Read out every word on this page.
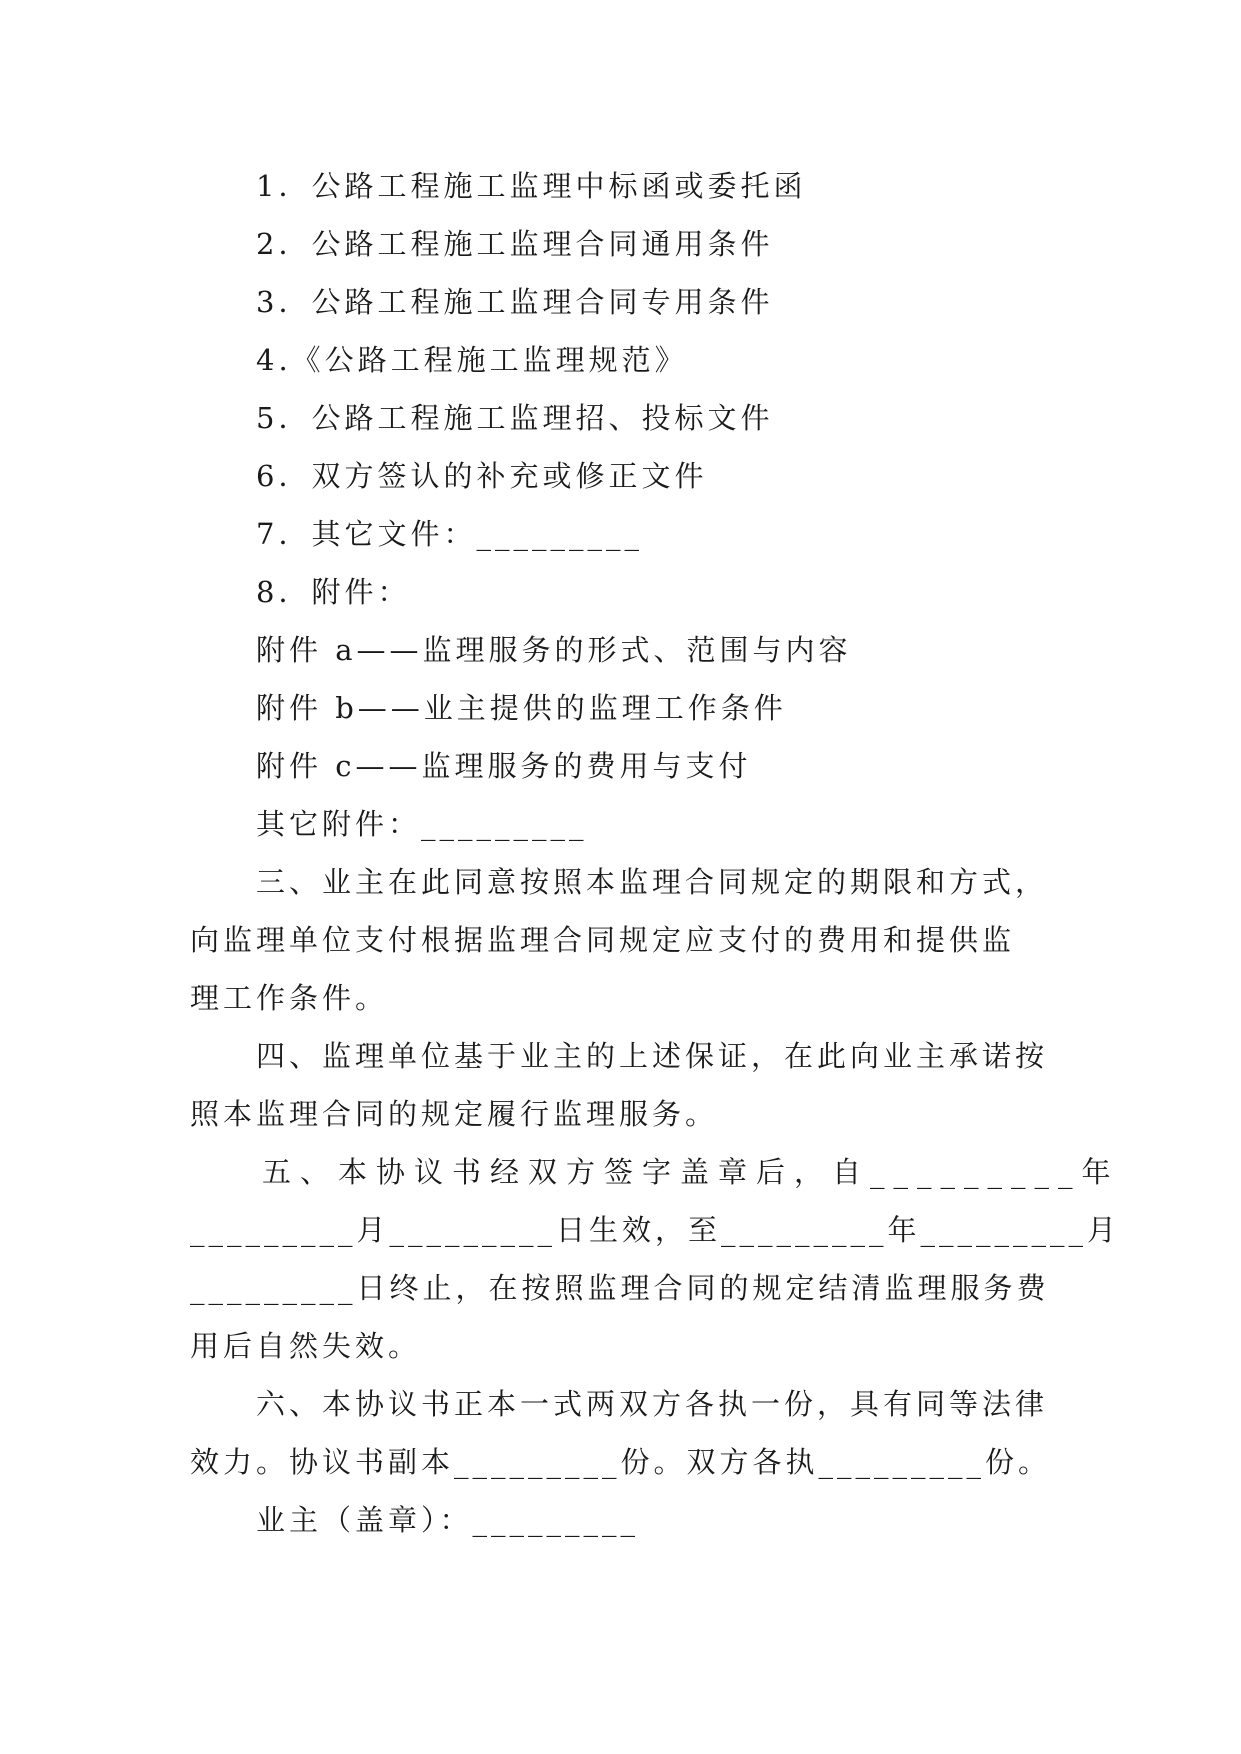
1．公路工程施工监理中标函或委托函
2．公路工程施工监理合同通用条件
3．公路工程施工监理合同专用条件
4.《公路工程施工监理规范》
5．公路工程施工监理招、投标文件
6．双方签认的补充或修正文件
7．其它文件：_________
8．附件：
附件 a——监理服务的形式、范围与内容
附件 b——业主提供的监理工作条件
附件 c——监理服务的费用与支付
其它附件：_________
三、业主在此同意按照本监理合同规定的期限和方式，
向监理单位支付根据监理合同规定应支付的费用和提供监
理工作条件。
四、监理单位基于业主的上述保证，在此向业主承诺按
照本监理合同的规定履行监理服务。
五、本协议书经双方签字盖章后，自_________年
_________月_________日生效，至_________年_________月
_________日终止，在按照监理合同的规定结清监理服务费
用后自然失效。
六、本协议书正本一式两双方各执一份，具有同等法律
效力。协议书副本_________份。双方各执_________份。
业主（盖章）：_________
